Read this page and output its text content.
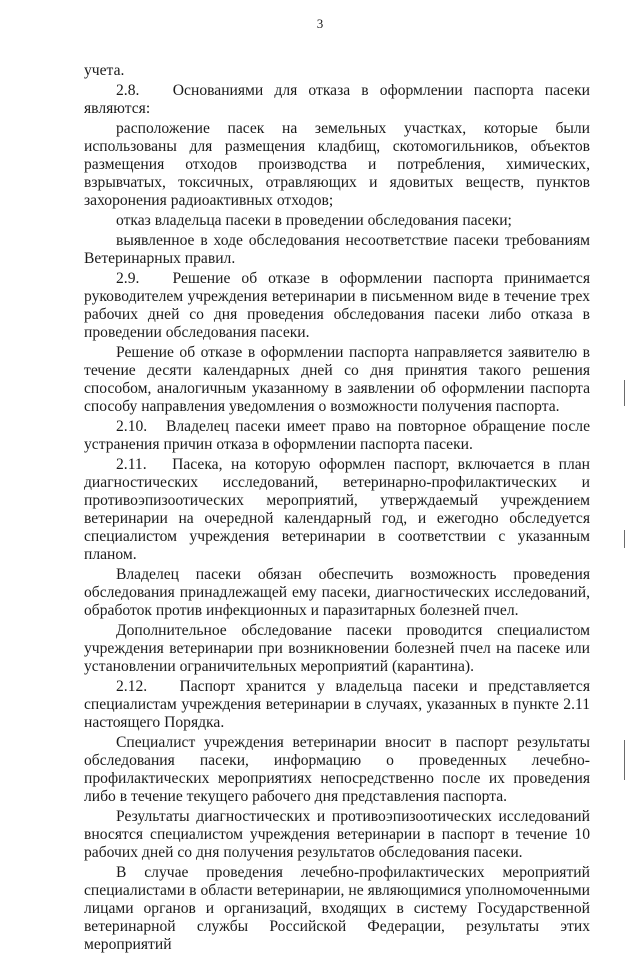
3

учета.

2.8.   Основаниями для отказа в оформлении паспорта пасеки являются:

расположение пасек на земельных участках, которые были использованы для размещения кладбищ, скотомогильников, объектов размещения отходов производства и потребления, химических, взрывчатых, токсичных, отравляющих и ядовитых веществ, пунктов захоронения радиоактивных отходов;

отказ владельца пасеки в проведении обследования пасеки;

выявленное в ходе обследования несоответствие пасеки требованиям Ветеринарных правил.

2.9.   Решение об отказе в оформлении паспорта принимается руководителем учреждения ветеринарии в письменном виде в течение трех рабочих дней со дня проведения обследования пасеки либо отказа в проведении обследования пасеки.

Решение об отказе в оформлении паспорта направляется заявителю в течение десяти календарных дней со дня принятия такого решения способом, аналогичным указанному в заявлении об оформлении паспорта способу направления уведомления о возможности получения паспорта.

2.10.   Владелец пасеки имеет право на повторное обращение после устранения причин отказа в оформлении паспорта пасеки.

2.11.   Пасека, на которую оформлен паспорт, включается в план диагностических исследований, ветеринарно-профилактических и противоэпизоотических мероприятий, утверждаемый учреждением ветеринарии на очередной календарный год, и ежегодно обследуется специалистом учреждения ветеринарии в соответствии с указанным планом.

Владелец пасеки обязан обеспечить возможность проведения обследования принадлежащей ему пасеки, диагностических исследований, обработок против инфекционных и паразитарных болезней пчел.

Дополнительное обследование пасеки проводится специалистом учреждения ветеринарии при возникновении болезней пчел на пасеке или установлении ограничительных мероприятий (карантина).

2.12.   Паспорт хранится у владельца пасеки и представляется специалистам учреждения ветеринарии в случаях, указанных в пункте 2.11 настоящего Порядка.

Специалист учреждения ветеринарии вносит в паспорт результаты обследования пасеки, информацию о проведенных лечебно-профилактических мероприятиях непосредственно после их проведения либо в течение текущего рабочего дня представления паспорта.

Результаты диагностических и противоэпизоотических исследований вносятся специалистом учреждения ветеринарии в паспорт в течение 10 рабочих дней со дня получения результатов обследования пасеки.

В случае проведения лечебно-профилактических мероприятий специалистами в области ветеринарии, не являющимися уполномоченными лицами органов и организаций, входящих в систему Государственной ветеринарной службы Российской Федерации, результаты этих мероприятий
